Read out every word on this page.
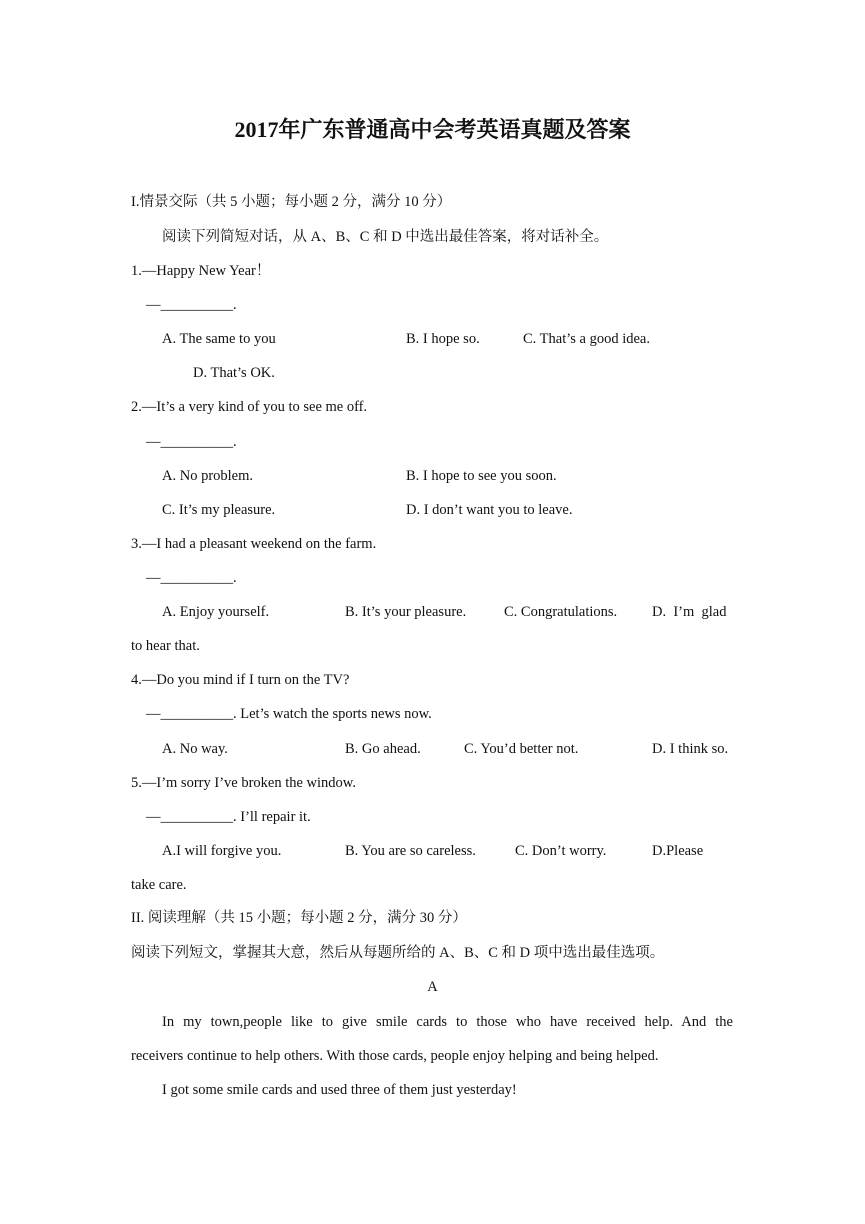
2017年广东普通高中会考英语真题及答案
I.情景交际（共 5 小题；每小题 2 分，满分 10 分）
阅读下列简短对话，从 A、B、C 和 D 中选出最佳答案，将对话补全。
1.—Happy New Year！
—__________.
A. The same to you	B. I hope so.	C. That’s a good idea.
D. That’s OK.
2.—It’s a very kind of you to see me off.
—__________.
A. No problem.	B. I hope to see you soon.
C. It’s my pleasure.	D. I don’t want you to leave.
3.—I had a pleasant weekend on the farm.
—__________.
A. Enjoy yourself.	B. It’s your pleasure.	C. Congratulations. D.  I’m  glad
to hear that.
4.—Do you mind if I turn on the TV?
—__________. Let’s watch the sports news now.
A. No way.	B. Go ahead.	C. You’d better not.	D. I think so.
5.—I’m sorry I’ve broken the window.
—__________. I’ll repair it.
A.I will forgive you.	B. You are so careless.	C. Don’t worry.	D.Please
take care.
II. 阅读理解（共 15 小题；每小题 2 分，满分 30 分）
阅读下列短文，掌握其大意，然后从每题所给的 A、B、C 和 D 项中选出最佳选项。
A
In my town,people like to give smile cards to those who have received help. And the
receivers continue to help others. With those cards, people enjoy helping and being helped.
I got some smile cards and used three of them just yesterday!
